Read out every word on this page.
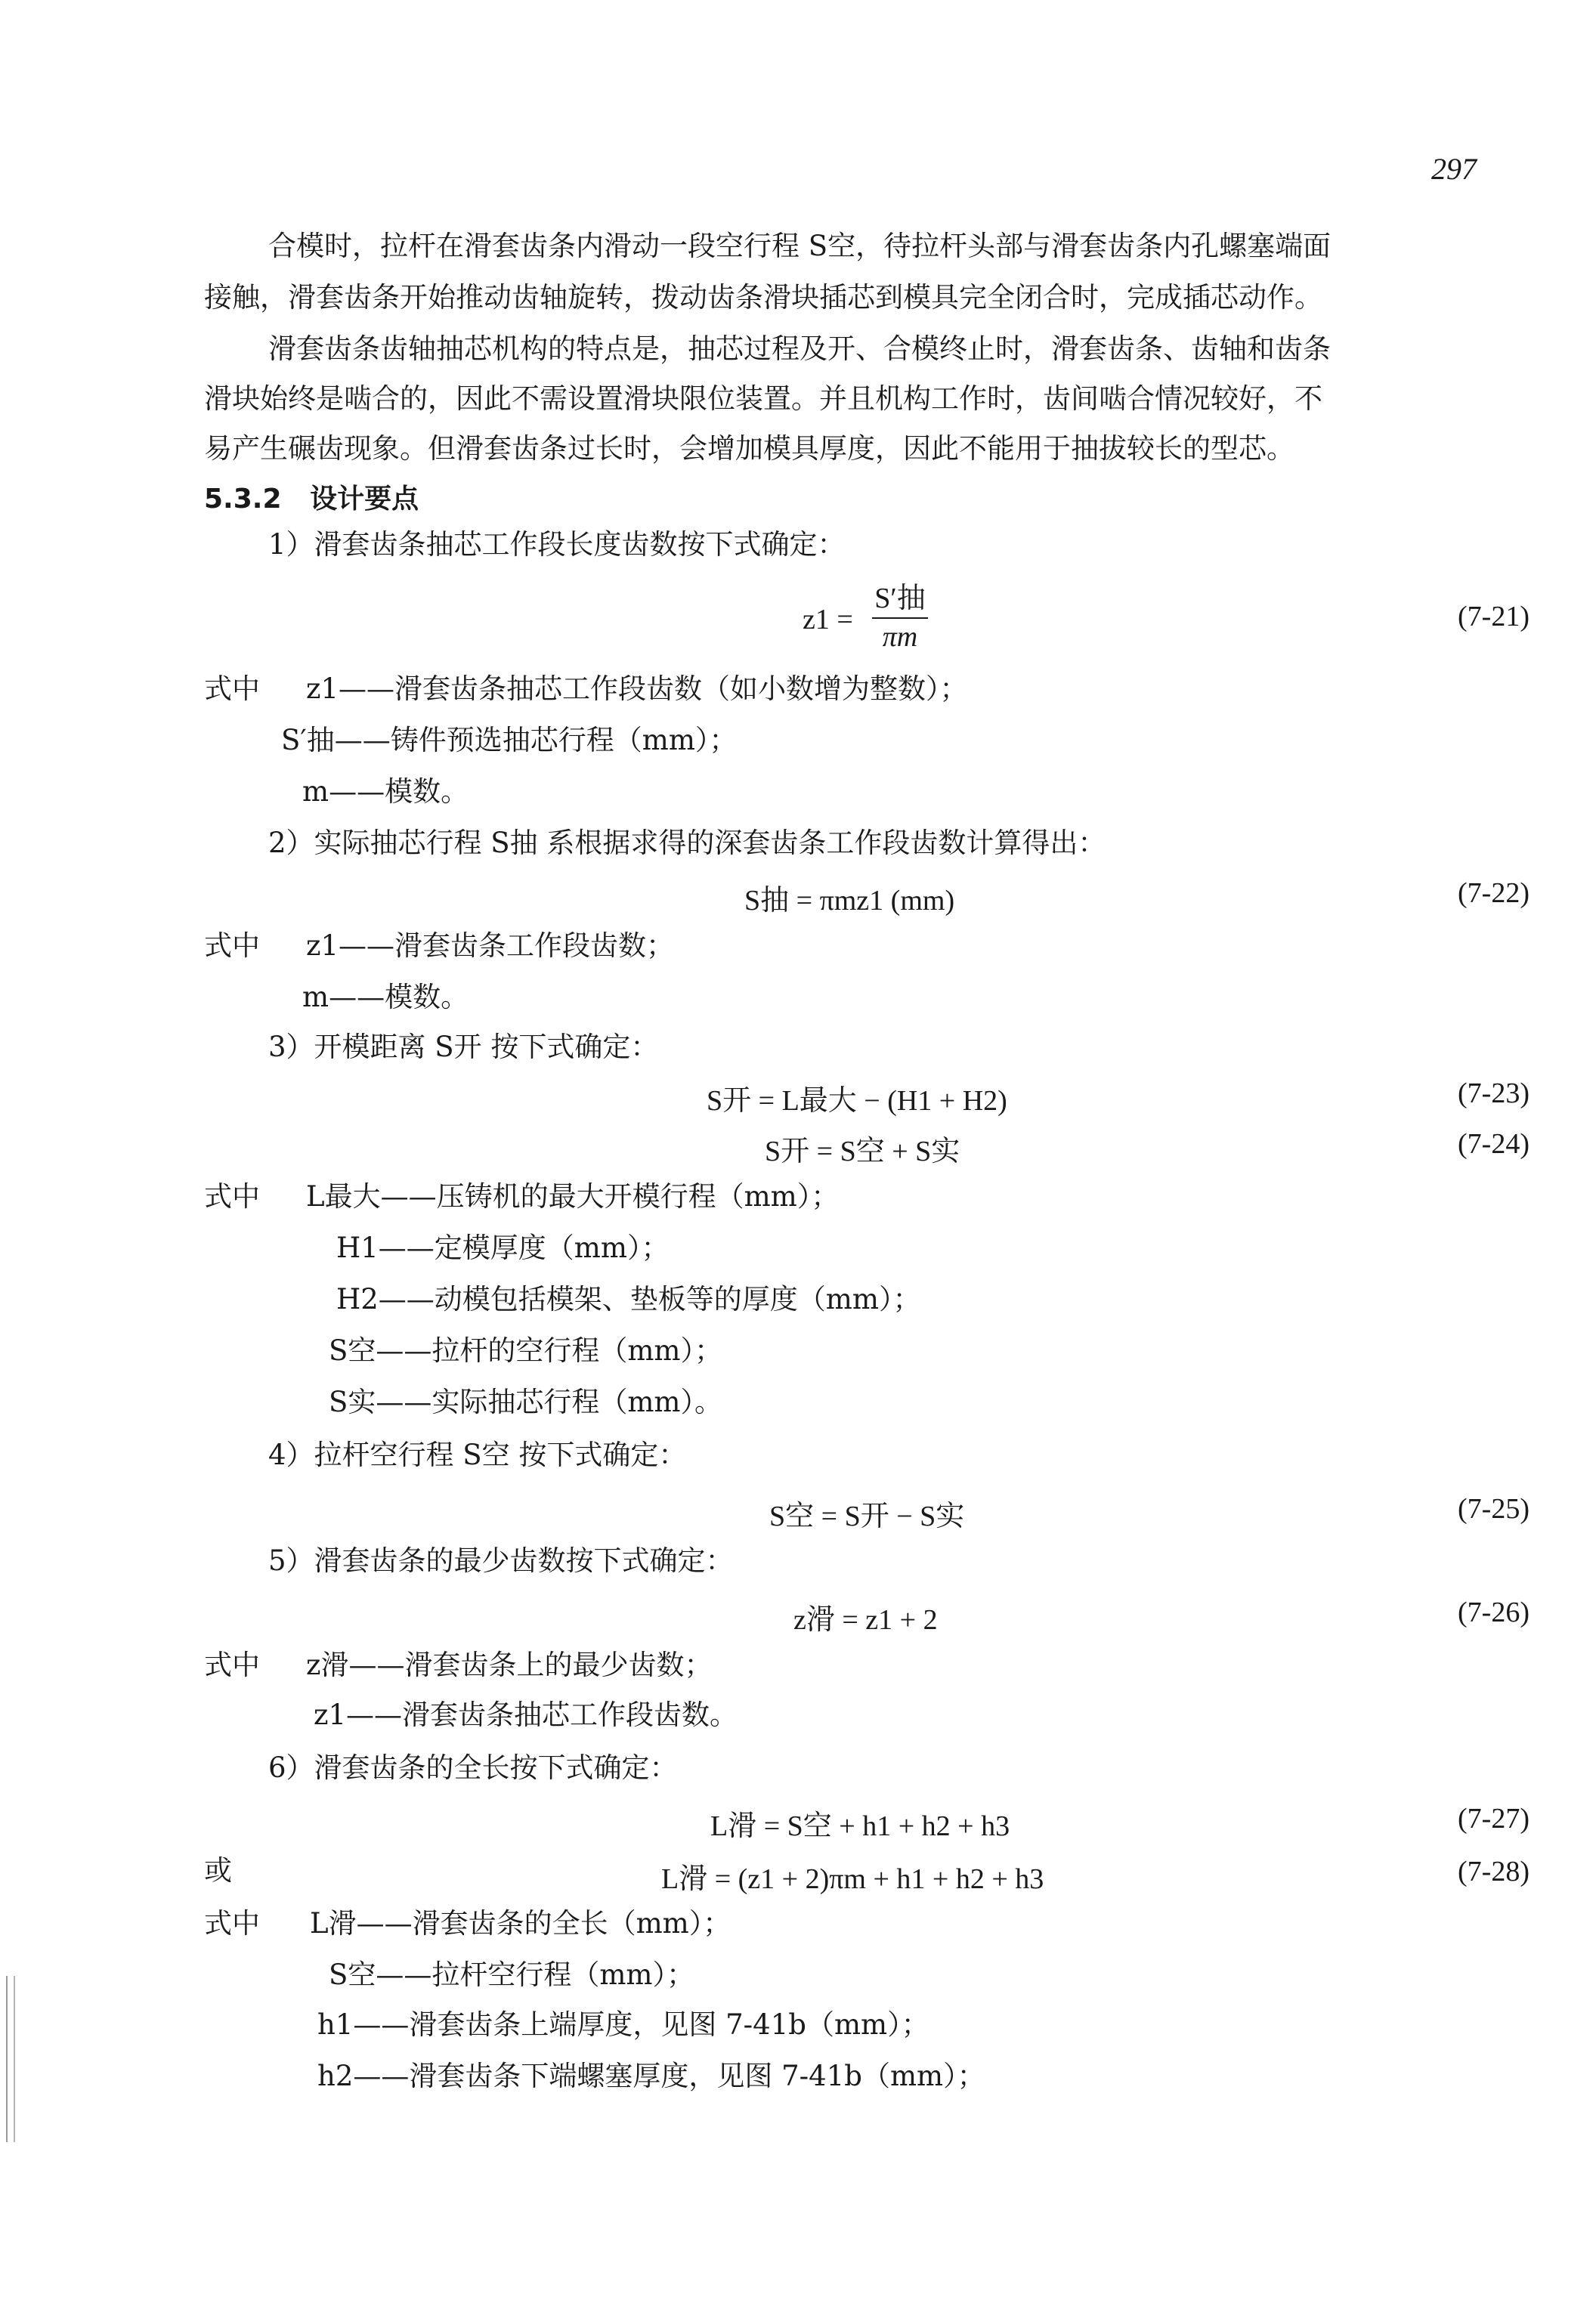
297
合模时，拉杆在滑套齿条内滑动一段空行程 S空，待拉杆头部与滑套齿条内孔螺塞端面
接触，滑套齿条开始推动齿轴旋转，拨动齿条滑块插芯到模具完全闭合时，完成插芯动作。
滑套齿条齿轴抽芯机构的特点是，抽芯过程及开、合模终止时，滑套齿条、齿轴和齿条
滑块始终是啮合的，因此不需设置滑块限位装置。并且机构工作时，齿间啮合情况较好，不
易产生碾齿现象。但滑套齿条过长时，会增加模具厚度，因此不能用于抽拔较长的型芯。
5.3.2 设计要点
1）滑套齿条抽芯工作段长度齿数按下式确定：
z1 =
S′抽
πm
(7-21)
式中 z1——滑套齿条抽芯工作段齿数（如小数增为整数）；
S′抽——铸件预选抽芯行程（mm）；
m——模数。
2）实际抽芯行程 S抽 系根据求得的深套齿条工作段齿数计算得出：
S抽 = πmz1 (mm)	(7-22)
式中 z1——滑套齿条工作段齿数；
m——模数。
3）开模距离 S开 按下式确定：
S开 = L最大 − (H1 + H2)	(7-23)
S开 = S空 + S实	(7-24)
式中 L最大——压铸机的最大开模行程（mm）；
H1——定模厚度（mm）；
H2——动模包括模架、垫板等的厚度（mm）；
S空——拉杆的空行程（mm）；
S实——实际抽芯行程（mm）。
4）拉杆空行程 S空 按下式确定：
S空 = S开 − S实	(7-25)
5）滑套齿条的最少齿数按下式确定：
z滑 = z1 + 2	(7-26)
式中 z滑——滑套齿条上的最少齿数；
z1——滑套齿条抽芯工作段齿数。
6）滑套齿条的全长按下式确定：
L滑 = S空 + h1 + h2 + h3	(7-27)
或	L滑 = (z1 + 2)πm + h1 + h2 + h3	(7-28)
式中 L滑——滑套齿条的全长（mm）；
S空——拉杆空行程（mm）；
h1——滑套齿条上端厚度，见图 7-41b（mm）；
h2——滑套齿条下端螺塞厚度，见图 7-41b（mm）；
